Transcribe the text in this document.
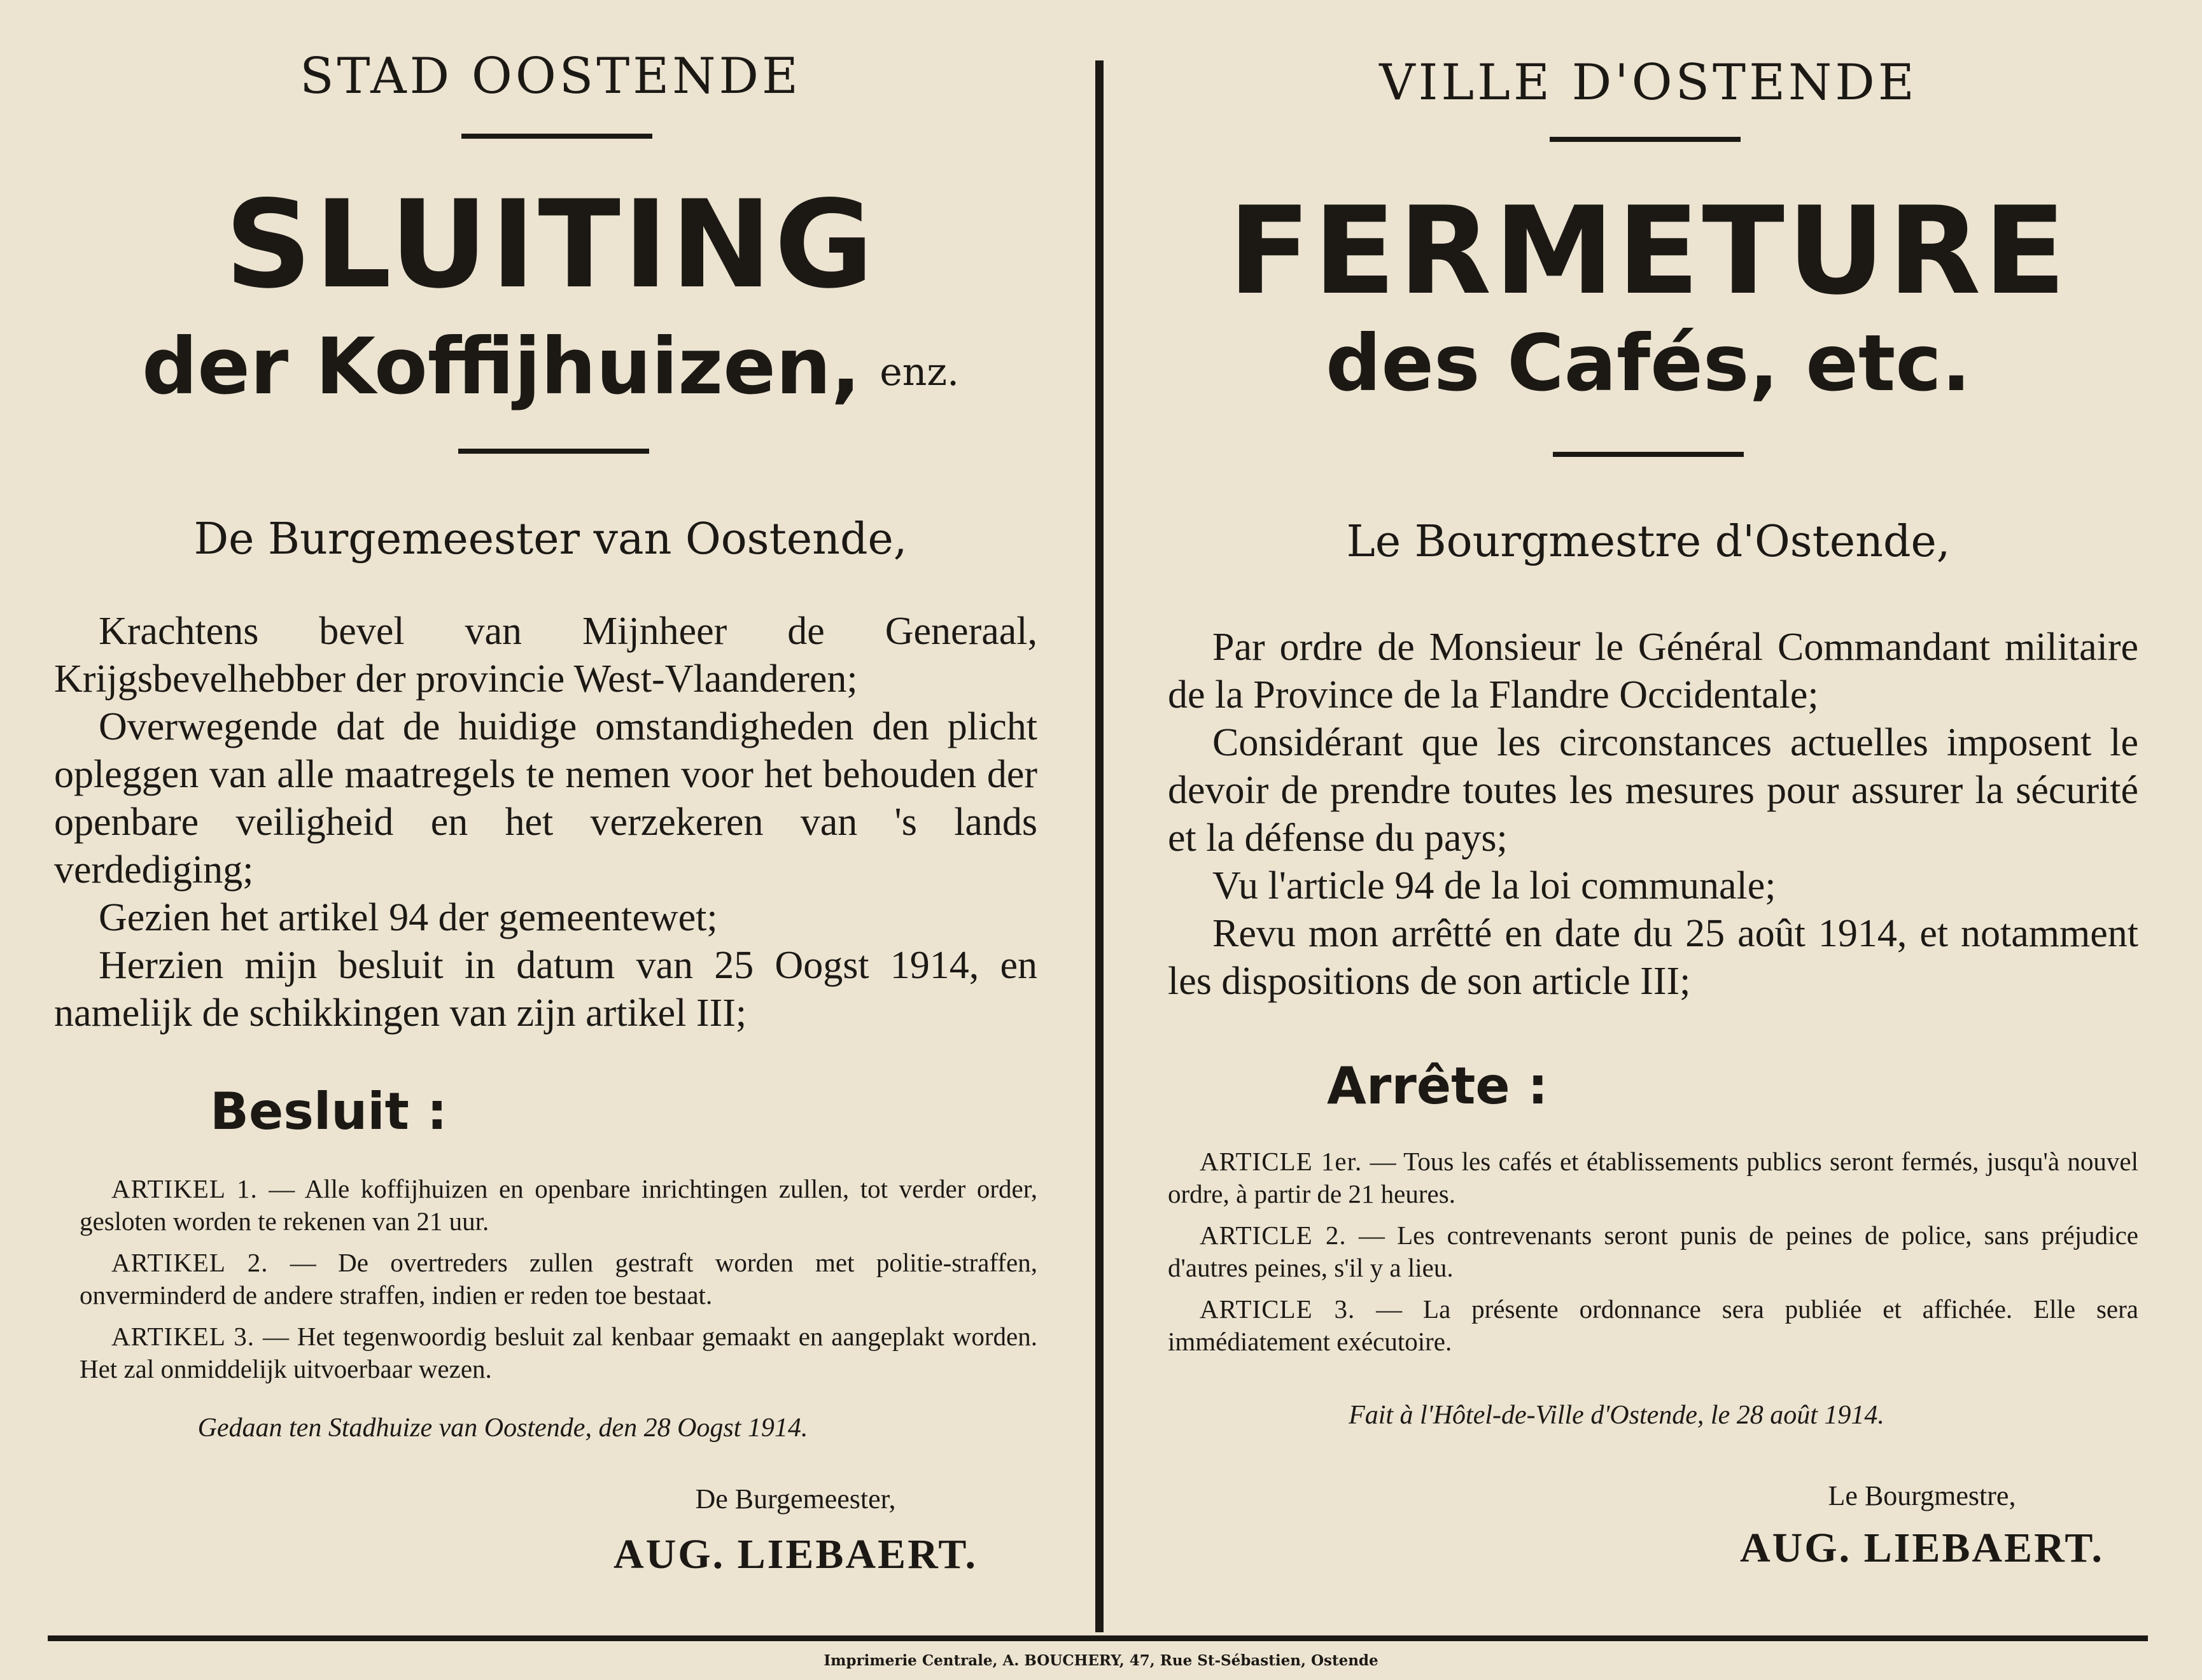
STAD OOSTENDE
SLUITING
der Koffijhuizen, enz.
De Burgemeester van Oostende,

Krachtens bevel van Mijnheer de Generaal, Krijgsbevelhebber der provincie West-Vlaanderen;

Overwegende dat de huidige omstandigheden den plicht opleggen van alle maatregels te nemen voor het behouden der openbare veiligheid en het verzekeren van 's lands verdediging;

Gezien het artikel 94 der gemeentewet;

Herzien mijn besluit in datum van 25 Oogst 1914, en namelijk de schikkingen van zijn artikel III;

Besluit :

ARTIKEL 1. — Alle koffijhuizen en openbare inrichtingen zullen, tot verder order, gesloten worden te rekenen van 21 uur.

ARTIKEL 2. — De overtreders zullen gestraft worden met politie-straffen, onverminderd de andere straffen, indien er reden toe bestaat.

ARTIKEL 3. — Het tegenwoordig besluit zal kenbaar gemaakt en aangeplakt worden. Het zal onmiddelijk uitvoerbaar wezen.

Gedaan ten Stadhuize van Oostende, den 28 Oogst 1914.
De Burgemeester,
AUG. LIEBAERT.
VILLE D'OSTENDE
FERMETURE
des Cafés, etc.
Le Bourgmestre d'Ostende,

Par ordre de Monsieur le Général Commandant militaire de la Province de la Flandre Occidentale;

Considérant que les circonstances actuelles imposent le devoir de prendre toutes les mesures pour assurer la sécurité et la défense du pays;

Vu l'article 94 de la loi communale;

Revu mon arrêtté en date du 25 août 1914, et notamment les dispositions de son article III;

Arrête :

ARTICLE 1er. — Tous les cafés et établissements publics seront fermés, jusqu'à nouvel ordre, à partir de 21 heures.

ARTICLE 2. — Les contrevenants seront punis de peines de police, sans préjudice d'autres peines, s'il y a lieu.

ARTICLE 3. — La présente ordonnance sera publiée et affichée. Elle sera immédiatement exécutoire.

Fait à l'Hôtel-de-Ville d'Ostende, le 28 août 1914.
Le Bourgmestre,
AUG. LIEBAERT.
Imprimerie Centrale, A. BOUCHERY, 47, Rue St-Sébastien, Ostende
